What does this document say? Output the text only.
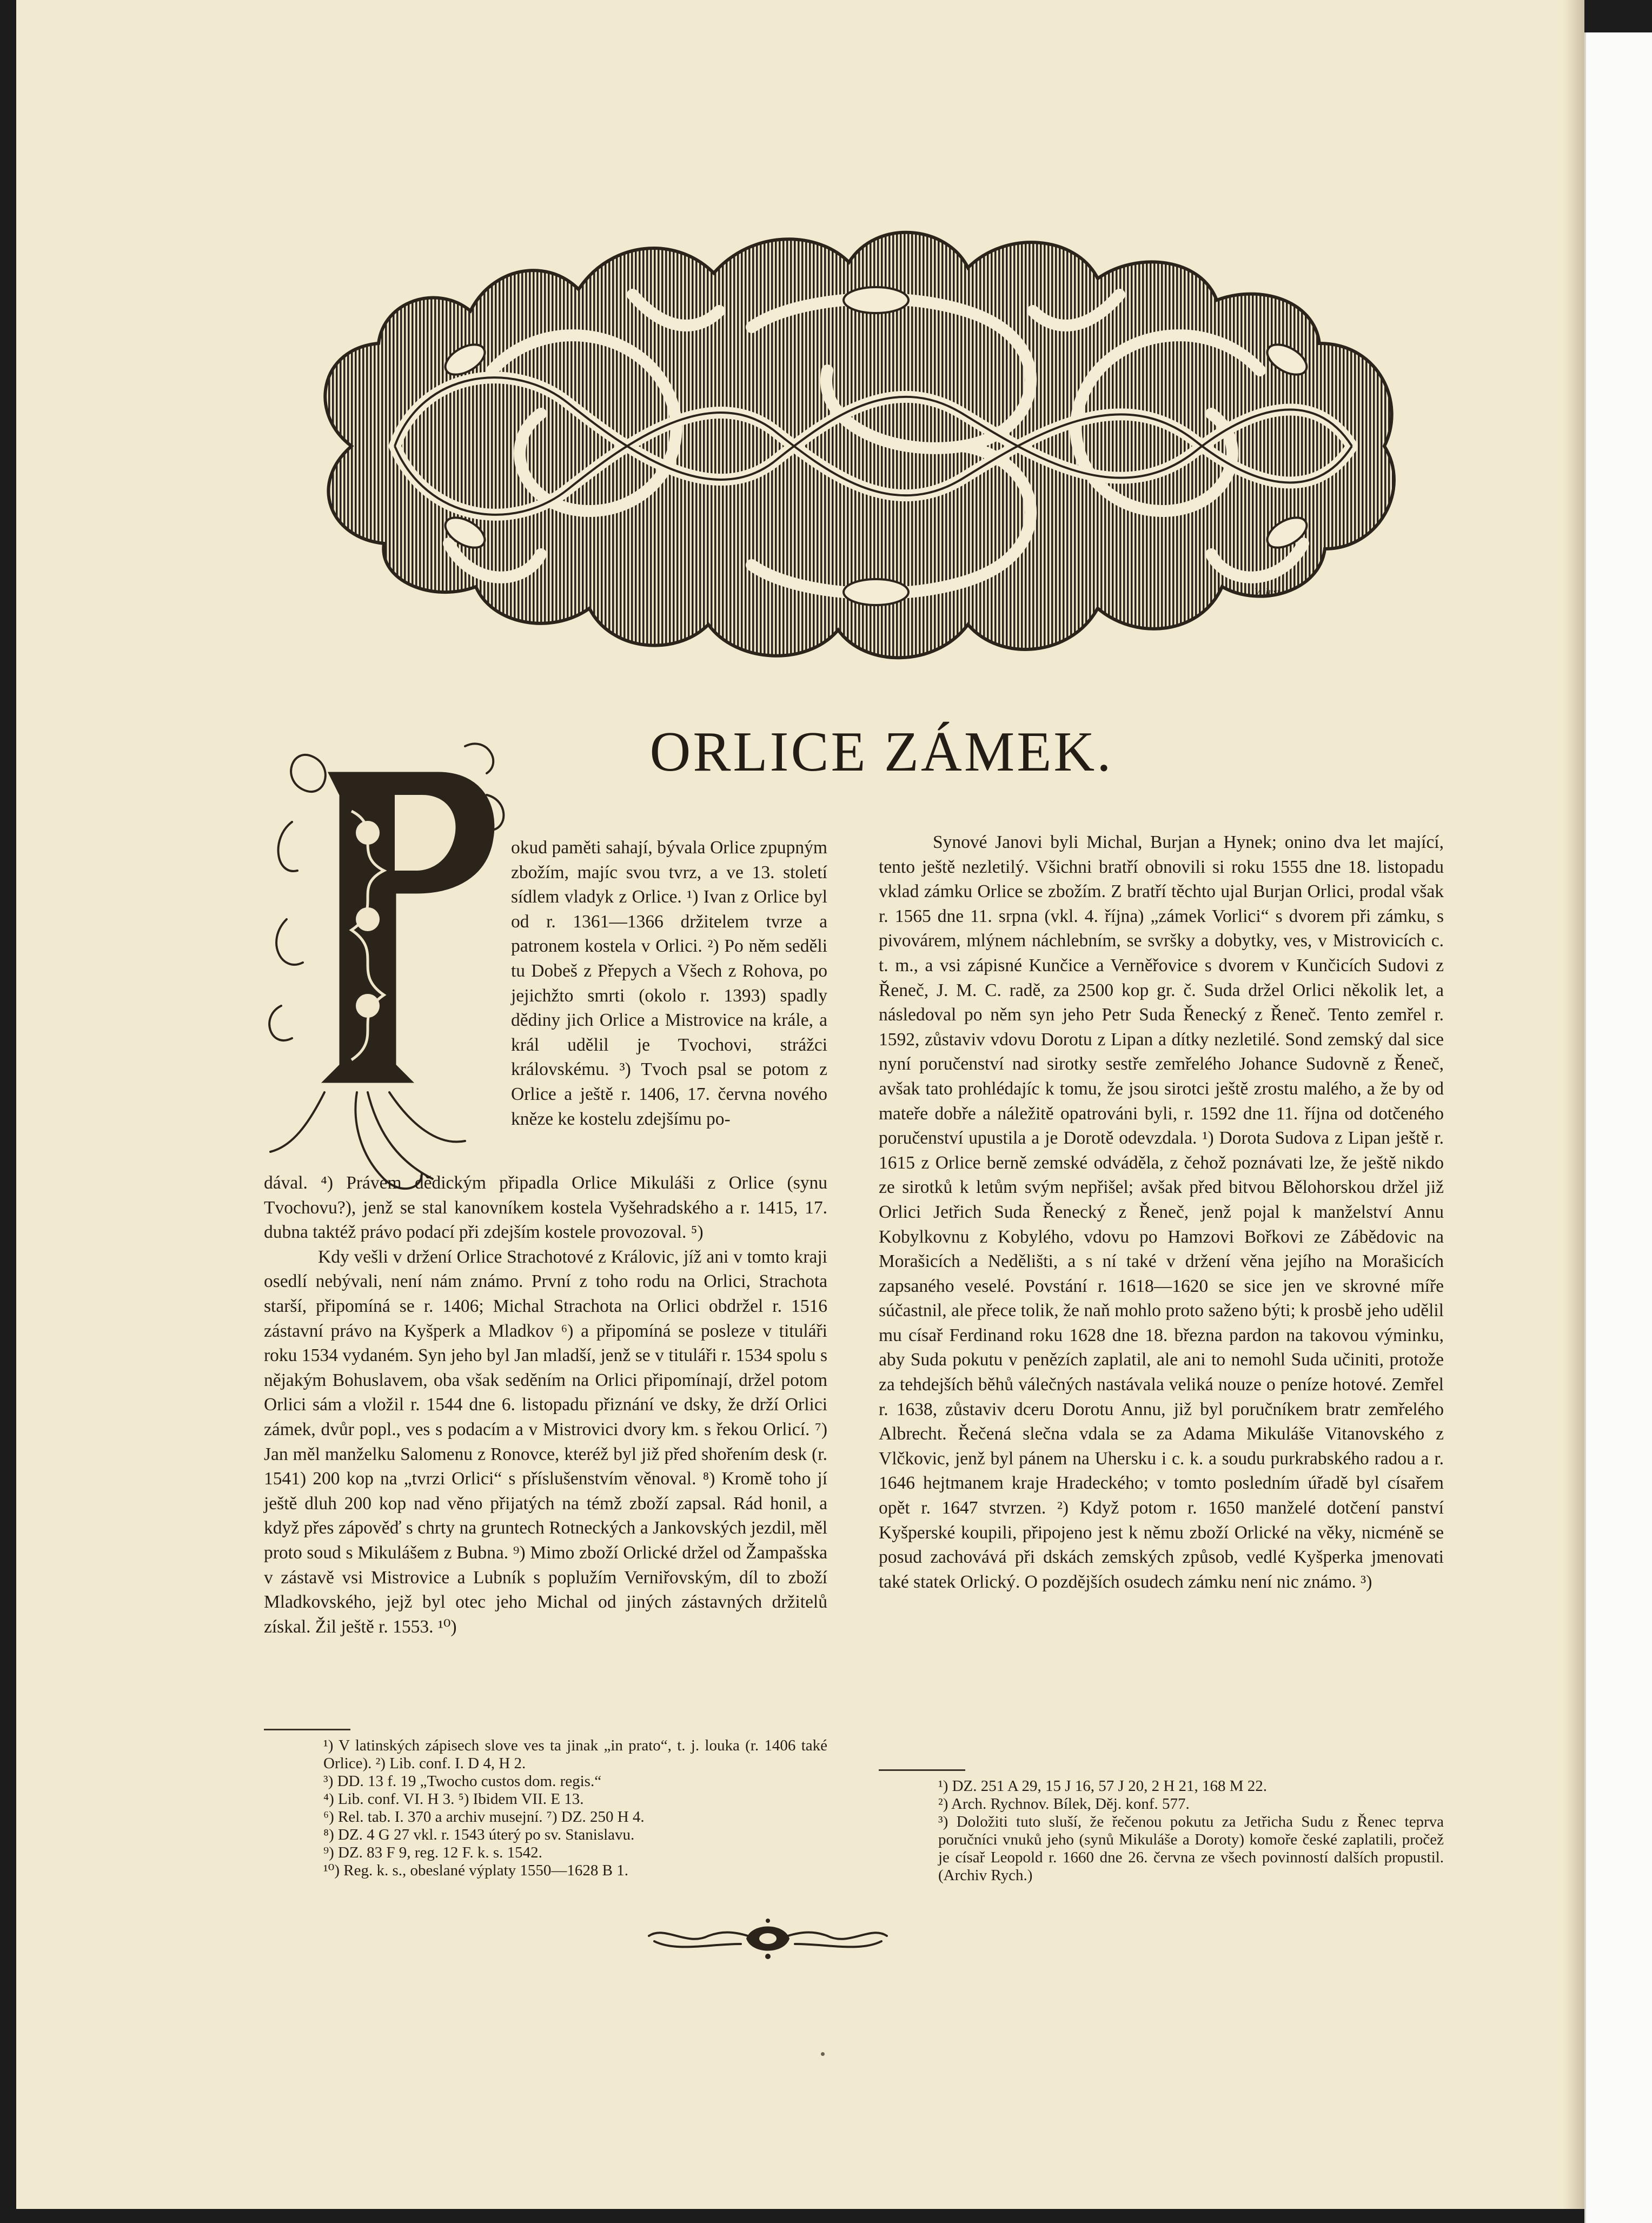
V. Just
ORLICE ZÁMEK.

okud paměti sahají, bývala Orlice zpupným zbožím, majíc svou tvrz, a ve 13. století sídlem vladyk z Orlice. ¹) Ivan z Orlice byl od r. 1361—1366 držitelem tvrze a patronem kostela v Orlici. ²) Po něm seděli tu Dobeš z Přepych a Všech z Rohova, po jejichžto smrti (okolo r. 1393) spadly dědiny jich Orlice a Mistrovice na krále, a král udělil je Tvochovi, strážci královskému. ³) Tvoch psal se potom z Orlice a ještě r. 1406, 17. června nového kněze ke kostelu zdejšímu po-

dával. ⁴) Právem dědickým připadla Orlice Mikuláši z Orlice (synu Tvochovu?), jenž se stal kanovníkem kostela Vyšehradského a r. 1415, 17. dubna taktéž právo podací při zdejším kostele provozoval. ⁵)

Kdy vešli v držení Orlice Strachotové z Královic, jíž ani v tomto kraji osedlí nebývali, není nám známo. První z toho rodu na Orlici, Strachota starší, připomíná se r. 1406; Michal Strachota na Orlici obdržel r. 1516 zástavní právo na Kyšperk a Mladkov ⁶) a připomíná se posleze v tituláři roku 1534 vydaném. Syn jeho byl Jan mladší, jenž se v tituláři r. 1534 spolu s nějakým Bohuslavem, oba však seděním na Orlici připomínají, držel potom Orlici sám a vložil r. 1544 dne 6. listopadu přiznání ve dsky, že drží Orlici zámek, dvůr popl., ves s podacím a v Mistrovici dvory km. s řekou Orlicí. ⁷) Jan měl manželku Salomenu z Ronovce, kteréž byl již před shořením desk (r. 1541) 200 kop na „tvrzi Orlici“ s příslušenstvím věnoval. ⁸) Kromě toho jí ještě dluh 200 kop nad věno přijatých na témž zboží zapsal. Rád honil, a když přes zápověď s chrty na gruntech Rotneckých a Jankovských jezdil, měl proto soud s Mikulášem z Bubna. ⁹) Mimo zboží Orlické držel od Žampašska v zástavě vsi Mistrovice a Lubník s poplužím Verniřovským, díl to zboží Mladkovského, jejž byl otec jeho Michal od jiných zástavných držitelů získal. Žil ještě r. 1553. ¹⁰)

Synové Janovi byli Michal, Burjan a Hynek; onino dva let mající, tento ještě nezletilý. Všichni bratří obnovili si roku 1555 dne 18. listopadu vklad zámku Orlice se zbožím. Z bratří těchto ujal Burjan Orlici, prodal však r. 1565 dne 11. srpna (vkl. 4. října) „zámek Vorlici“ s dvorem při zámku, s pivovárem, mlýnem náchlebním, se svršky a dobytky, ves, v Mistrovicích c. t. m., a vsi zápisné Kunčice a Verněřovice s dvorem v Kunčicích Sudovi z Řeneč, J. M. C. radě, za 2500 kop gr. č. Suda držel Orlici několik let, a následoval po něm syn jeho Petr Suda Řenecký z Řeneč. Tento zemřel r. 1592, zůstaviv vdovu Dorotu z Lipan a dítky nezletilé. Sond zemský dal sice nyní poručenství nad sirotky sestře zemřelého Johance Sudovně z Řeneč, avšak tato prohlédajíc k tomu, že jsou sirotci ještě zrostu malého, a že by od mateře dobře a náležitě opatrováni byli, r. 1592 dne 11. října od dotčeného poručenství upustila a je Dorotě odevzdala. ¹) Dorota Sudova z Lipan ještě r. 1615 z Orlice berně zemské odváděla, z čehož poznávati lze, že ještě nikdo ze sirotků k letům svým nepřišel; avšak před bitvou Bělohorskou držel již Orlici Jetřich Suda Řenecký z Řeneč, jenž pojal k manželství Annu Kobylkovnu z Kobylého, vdovu po Hamzovi Bořkovi ze Zábědovic na Morašicích a Nedělišti, a s ní také v držení věna jejího na Morašicích zapsaného veselé. Povstání r. 1618—1620 se sice jen ve skrovné míře súčastnil, ale přece tolik, že naň mohlo proto saženo býti; k prosbě jeho udělil mu císař Ferdinand roku 1628 dne 18. března pardon na takovou výminku, aby Suda pokutu v penězích zaplatil, ale ani to nemohl Suda učiniti, protože za tehdejších běhů válečných nastávala veliká nouze o peníze hotové. Zemřel r. 1638, zůstaviv dceru Dorotu Annu, již byl poručníkem bratr zemřelého Albrecht. Řečená slečna vdala se za Adama Mikuláše Vitanovského z Vlčkovic, jenž byl pánem na Uhersku i c. k. a soudu purkrabského radou a r. 1646 hejtmanem kraje Hradeckého; v tomto posledním úřadě byl císařem opět r. 1647 stvrzen. ²) Když potom r. 1650 manželé dotčení panství Kyšperské koupili, připojeno jest k němu zboží Orlické na věky, nicméně se posud zachovává při dskách zemských způsob, vedlé Kyšperka jmenovati také statek Orlický. O pozdějších osudech zámku není nic známo. ³)

¹) V latinských zápisech slove ves ta jinak „in prato“, t. j. louka (r. 1406 také Orlice). ²) Lib. conf. I. D 4, H 2.
³) DD. 13 f. 19 „Twocho custos dom. regis.“
⁴) Lib. conf. VI. H 3. ⁵) Ibidem VII. E 13.
⁶) Rel. tab. I. 370 a archiv musejní. ⁷) DZ. 250 H 4.
⁸) DZ. 4 G 27 vkl. r. 1543 úterý po sv. Stanislavu.
⁹) DZ. 83 F 9, reg. 12 F. k. s. 1542.
¹⁰) Reg. k. s., obeslané výplaty 1550—1628 B 1.
¹) DZ. 251 A 29, 15 J 16, 57 J 20, 2 H 21, 168 M 22.
²) Arch. Rychnov. Bílek, Děj. konf. 577.
³) Doložiti tuto sluší, že řečenou pokutu za Jetřicha Sudu z Řenec teprva poručníci vnuků jeho (synů Mikuláše a Doroty) komoře české zaplatili, pročež je císař Leopold r. 1660 dne 26. června ze všech povinností dalších propustil. (Archiv Rych.)
